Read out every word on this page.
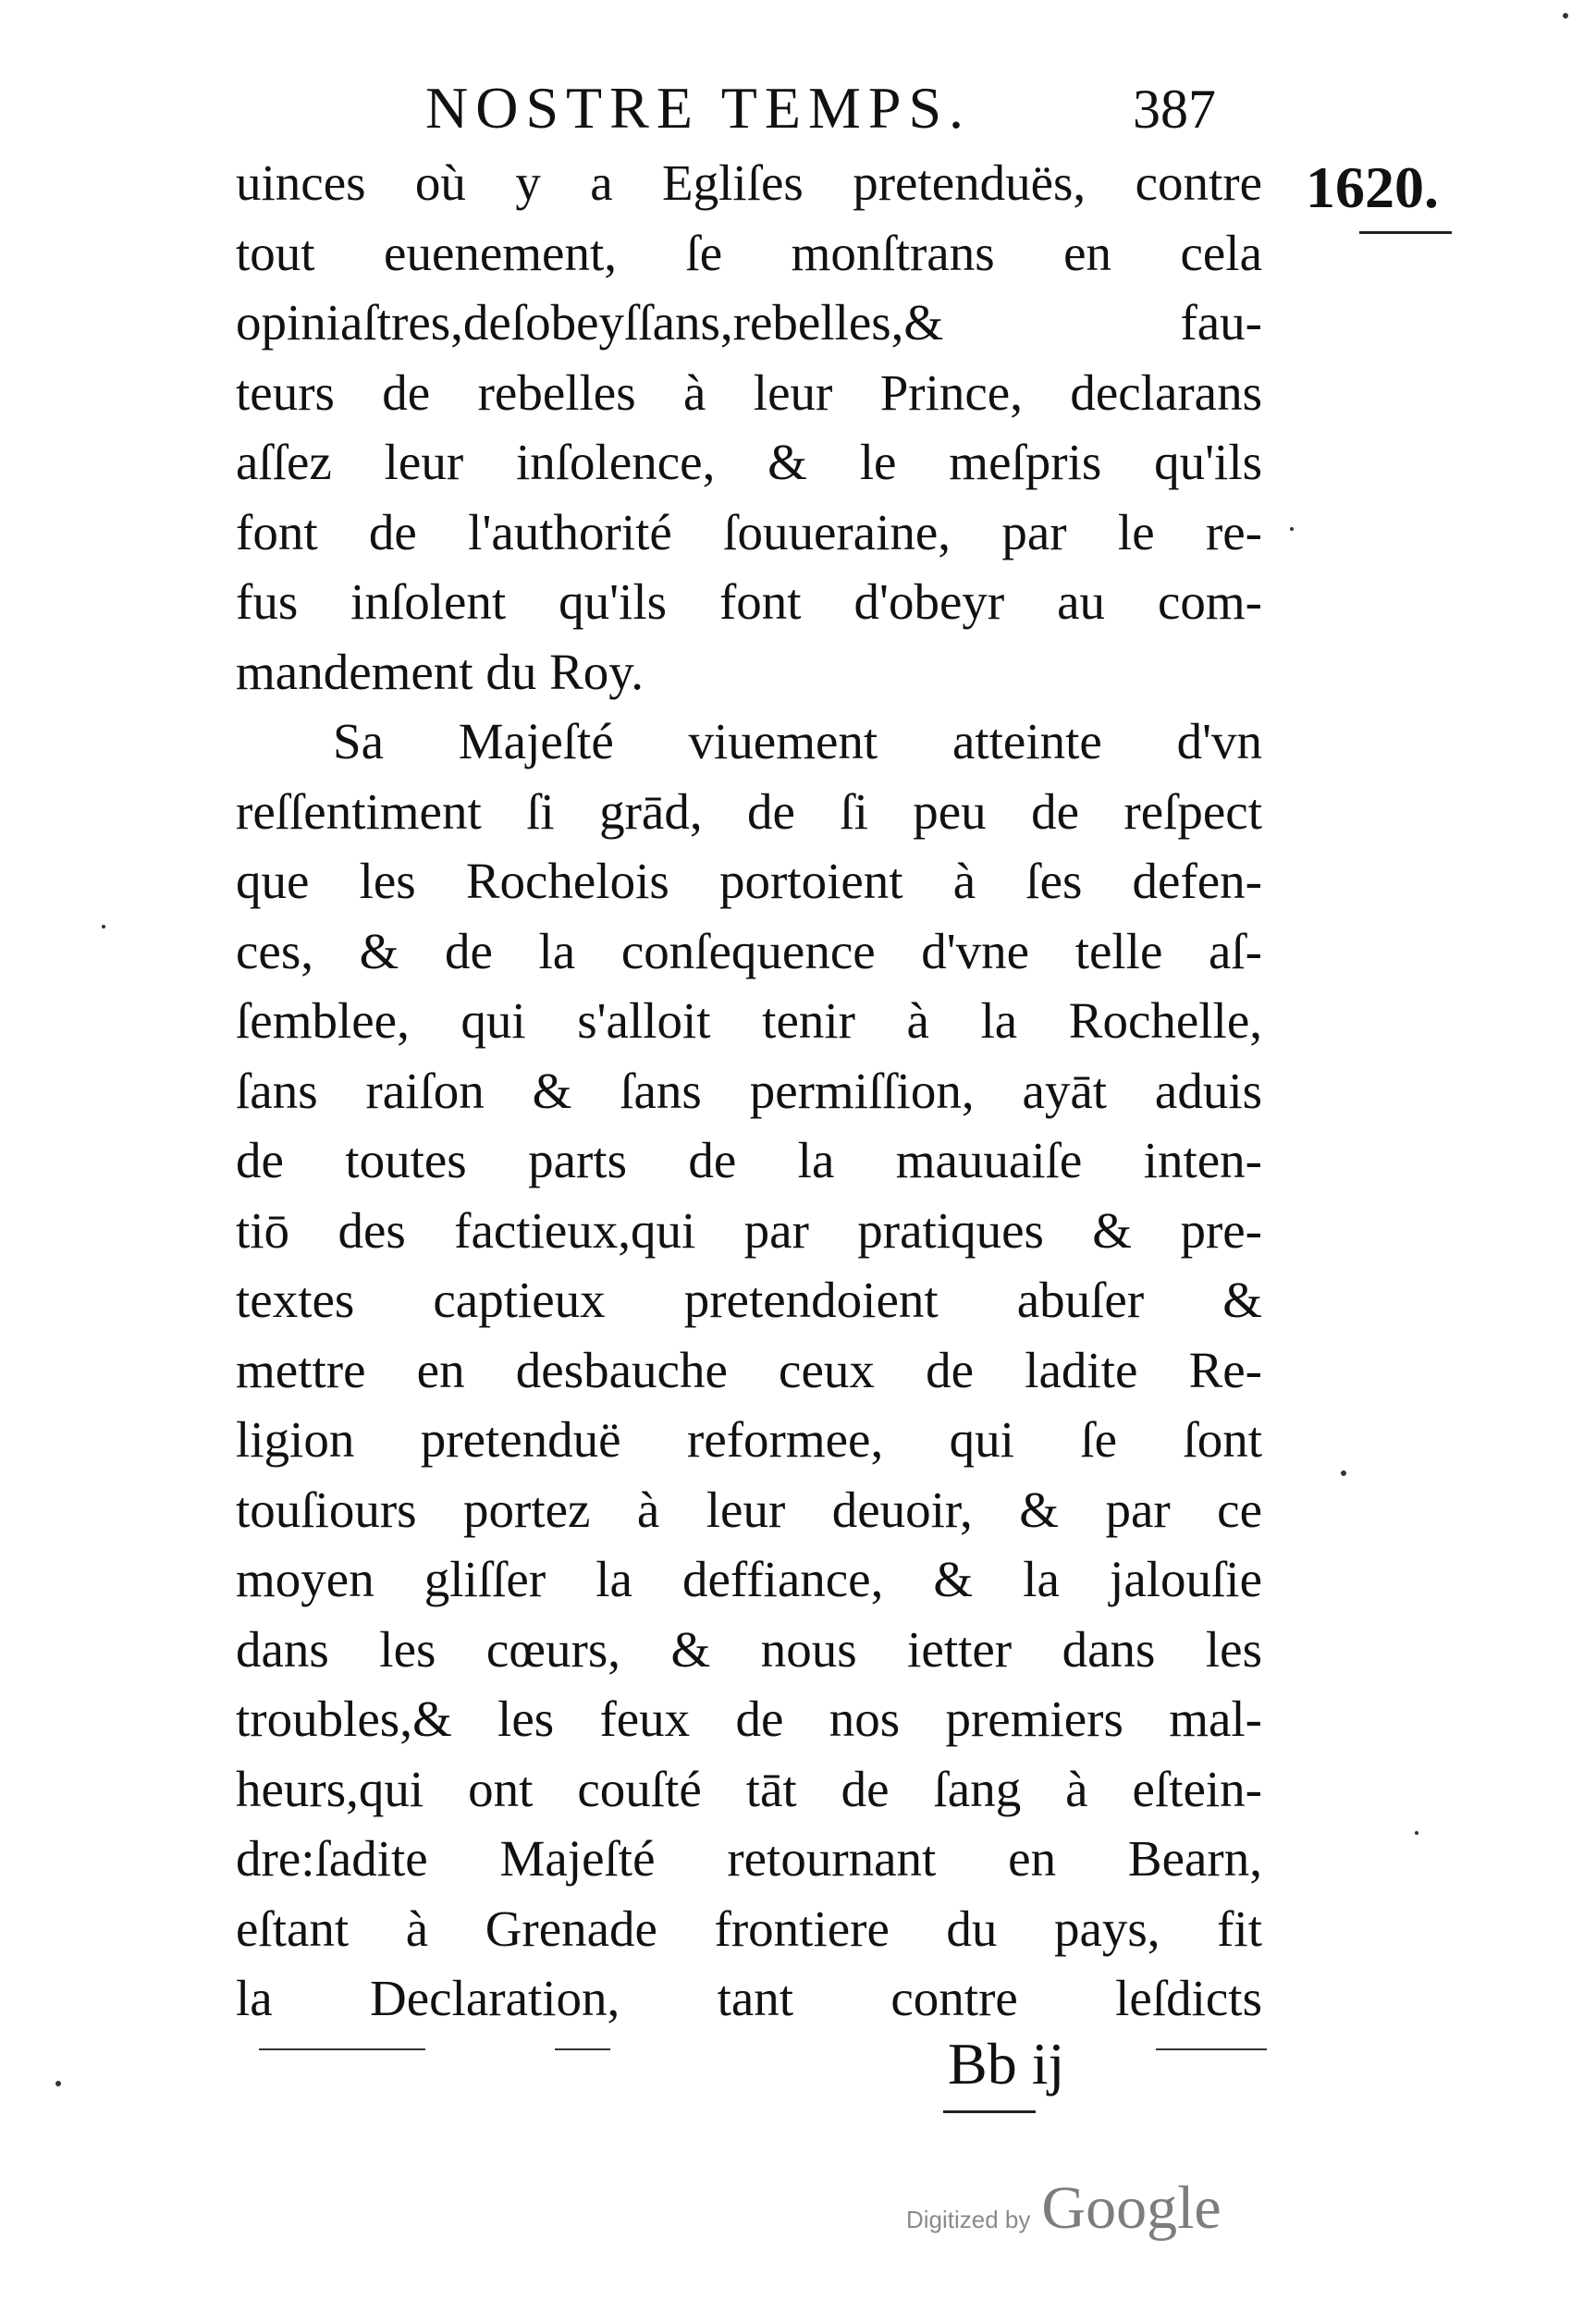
NOSTRE TEMPS.	387
1620.
uinces où y a Egliſes pretenduës, contre
tout euenement, ſe monſtrans en cela
opiniaſtres,deſobeyſſans,rebelles,& fau-
teurs de rebelles à leur Prince, declarans
aſſez leur inſolence, & le meſpris qu'ils
font de l'authorité ſouueraine, par le re-
fus inſolent qu'ils font d'obeyr au com-
mandement du Roy.
Sa Majeſté viuement atteinte d'vn
reſſentiment ſi grād, de ſi peu de reſpect
que les Rochelois portoient à ſes defen-
ces, & de la conſequence d'vne telle aſ-
ſemblee, qui s'alloit tenir à la Rochelle,
ſans raiſon & ſans permiſſion, ayāt aduis
de toutes parts de la mauuaiſe inten-
tiō des factieux,qui par pratiques & pre-
textes captieux pretendoient abuſer &
mettre en desbauche ceux de ladite Re-
ligion pretenduë reformee, qui ſe ſont
touſiours portez à leur deuoir, & par ce
moyen gliſſer la deffiance, & la jalouſie
dans les cœurs, & nous ietter dans les
troubles,& les feux de nos premiers mal-
heurs,qui ont couſté tāt de ſang à eſtein-
dre:ſadite Majeſté retournant en Bearn,
eſtant à Grenade frontiere du pays, fit
la Declaration, tant contre leſdicts
Bb ij
Digitized by Google
